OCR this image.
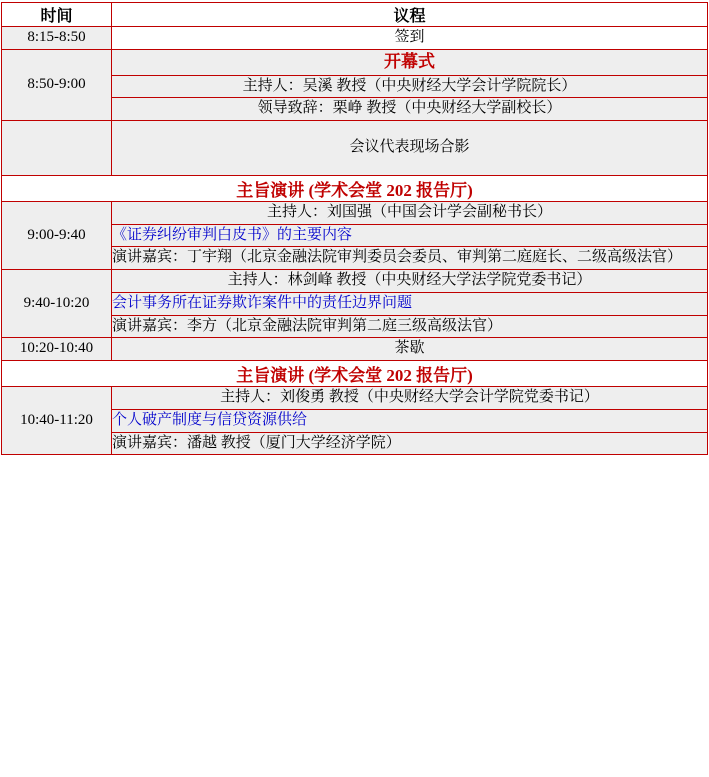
时间	议程
8:15-8:50	签到
8:50-9:00	开幕式
	主持人：吴溪 教授（中央财经大学会计学院院长）
	领导致辞：栗峥 教授（中央财经大学副校长）
	会议代表现场合影
主旨演讲 (学术会堂 202 报告厅)	
9:00-9:40	主持人：刘国强（中国会计学会副秘书长）
	《证券纠纷审判白皮书》的主要内容
	演讲嘉宾：丁宇翔（北京金融法院审判委员会委员、审判第二庭庭长、二级高级法官）
9:40-10:20	主持人：林剑峰 教授（中央财经大学法学院党委书记）
	会计事务所在证券欺诈案件中的责任边界问题
	演讲嘉宾：李方（北京金融法院审判第二庭三级高级法官）
10:20-10:40	茶歇
主旨演讲 (学术会堂 202 报告厅)	
10:40-11:20	主持人：刘俊勇 教授（中央财经大学会计学院党委书记）
	个人破产制度与信贷资源供给
	演讲嘉宾：潘越 教授（厦门大学经济学院）
